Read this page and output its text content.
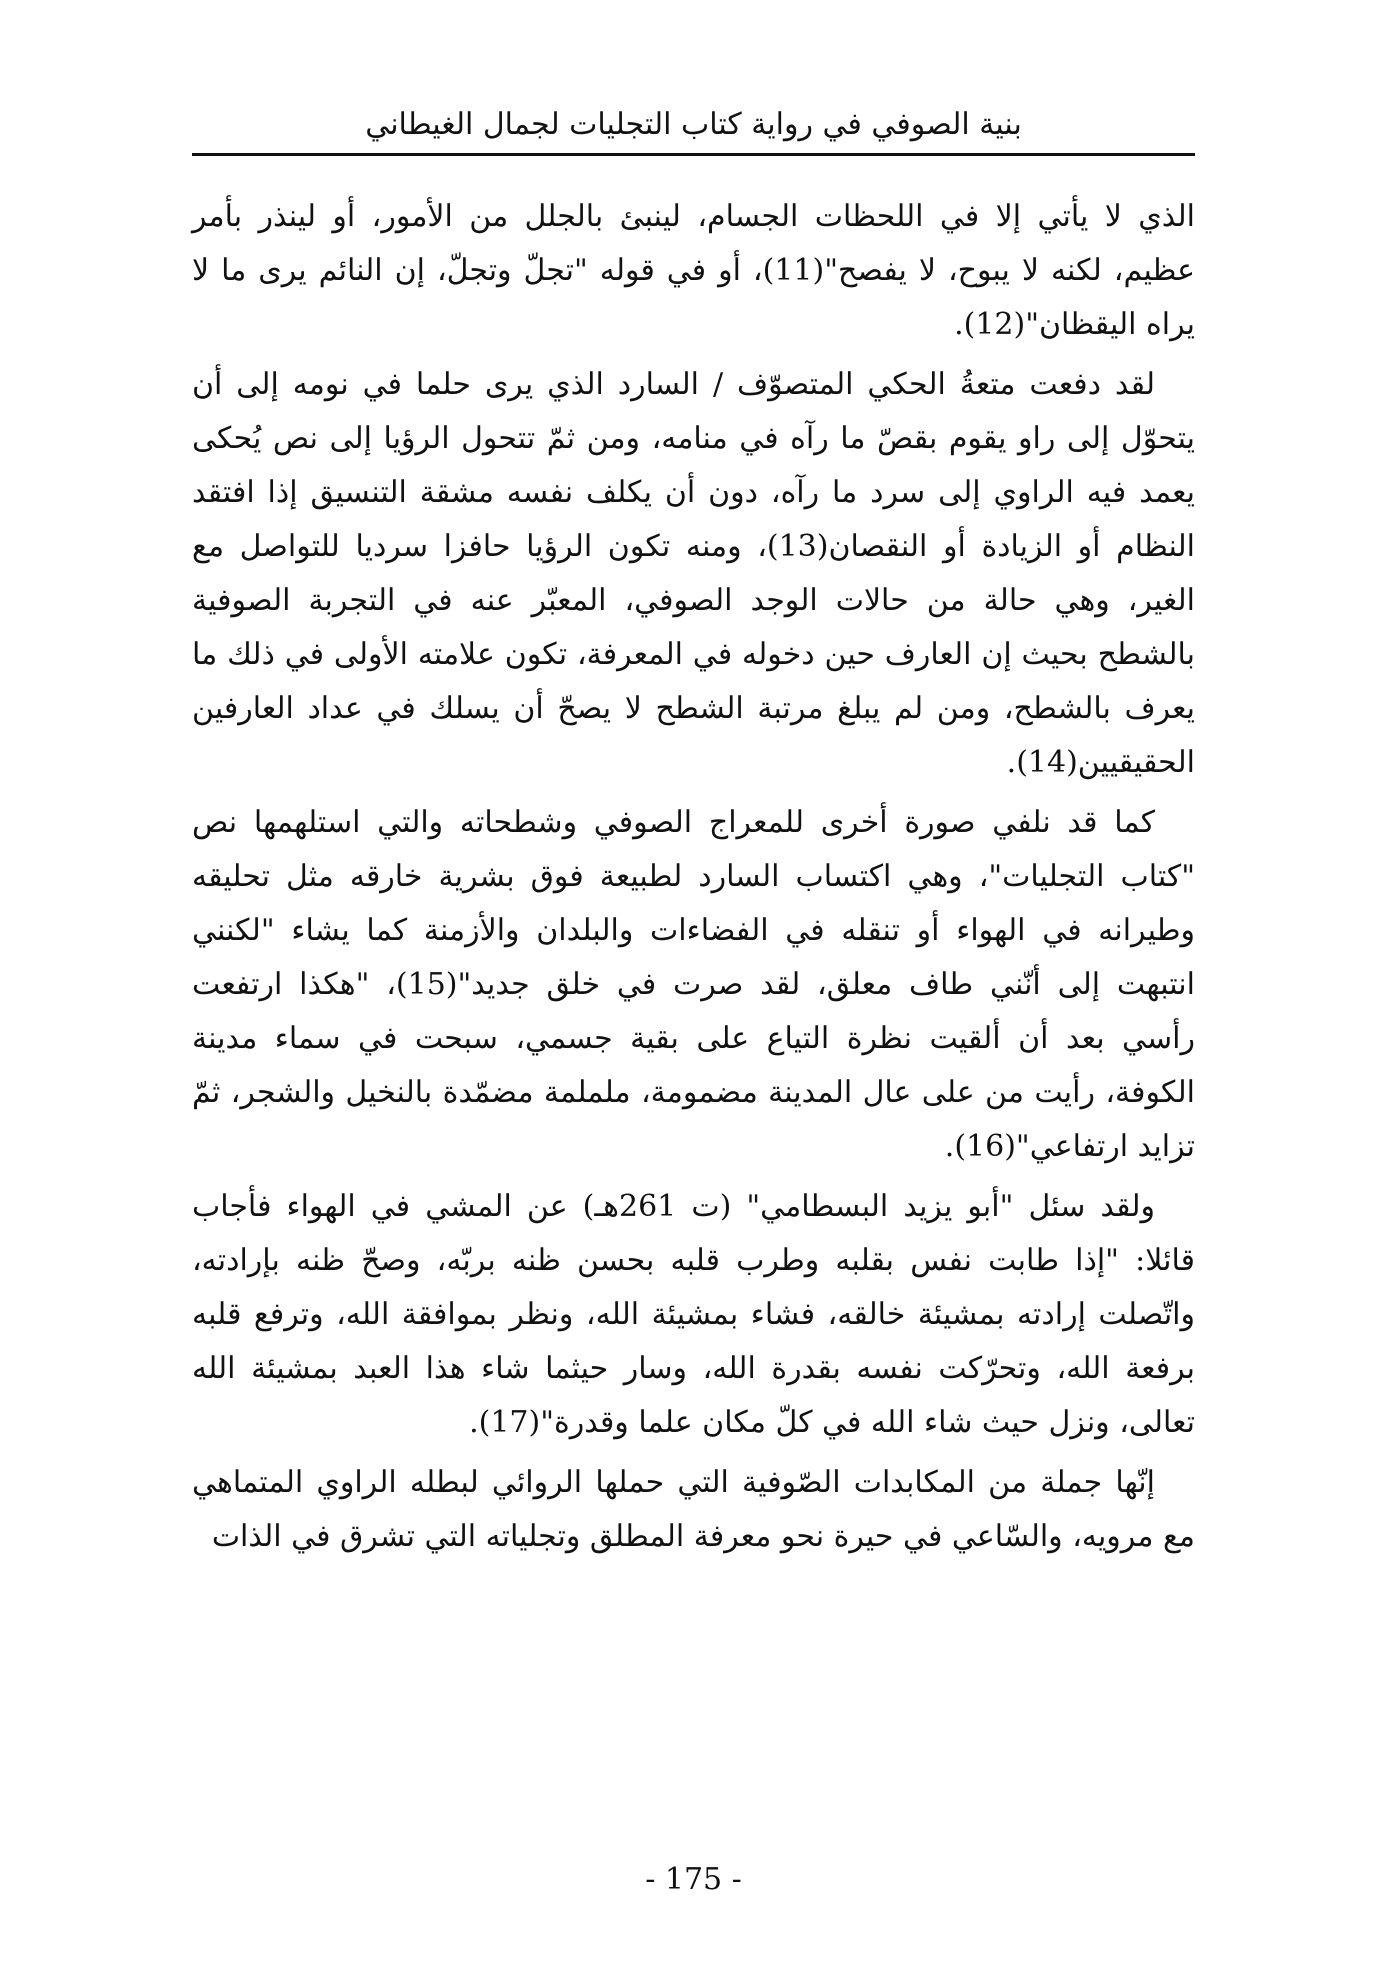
بنية الصوفي في رواية كتاب التجليات لجمال الغيطاني

الذي لا يأتي إلا في اللحظات الجسام، لينبئ بالجلل من الأمور، أو لينذر بأمر عظيم، لكنه لا يبوح، لا يفصح"(11)، أو في قوله "تجلّ وتجلّ، إن النائم يرى ما لا يراه اليقظان"(12).

لقد دفعت متعةُ الحكي المتصوّف / السارد الذي يرى حلما في نومه إلى أن يتحوّل إلى راو يقوم بقصّ ما رآه في منامه، ومن ثمّ تتحول الرؤيا إلى نص يُحكى يعمد فيه الراوي إلى سرد ما رآه، دون أن يكلف نفسه مشقة التنسيق إذا افتقد النظام أو الزيادة أو النقصان(13)، ومنه تكون الرؤيا حافزا سرديا للتواصل مع الغير، وهي حالة من حالات الوجد الصوفي، المعبّر عنه في التجربة الصوفية بالشطح بحيث إن العارف حين دخوله في المعرفة، تكون علامته الأولى في ذلك ما يعرف بالشطح، ومن لم يبلغ مرتبة الشطح لا يصحّ أن يسلك في عداد العارفين الحقيقيين(14).

كما قد نلفي صورة أخرى للمعراج الصوفي وشطحاته والتي استلهمها نص "كتاب التجليات"، وهي اكتساب السارد لطبيعة فوق بشرية خارقه مثل تحليقه وطيرانه في الهواء أو تنقله في الفضاءات والبلدان والأزمنة كما يشاء "لكنني انتبهت إلى أنّني طاف معلق، لقد صرت في خلق جديد"(15)، "هكذا ارتفعت رأسي بعد أن ألقيت نظرة التياع على بقية جسمي، سبحت في سماء مدينة الكوفة، رأيت من على عال المدينة مضمومة، ململمة مضمّدة بالنخيل والشجر، ثمّ تزايد ارتفاعي"(16).

ولقد سئل "أبو يزيد البسطامي" (ت 261هـ) عن المشي في الهواء فأجاب قائلا: "إذا طابت نفس بقلبه وطرب قلبه بحسن ظنه بربّه، وصحّ ظنه بإرادته، واتّصلت إرادته بمشيئة خالقه، فشاء بمشيئة الله، ونظر بموافقة الله، وترفع قلبه برفعة الله، وتحرّكت نفسه بقدرة الله، وسار حيثما شاء هذا العبد بمشيئة الله تعالى، ونزل حيث شاء الله في كلّ مكان علما وقدرة"(17).

إنّها جملة من المكابدات الصّوفية التي حملها الروائي لبطله الراوي المتماهي مع مرويه، والسّاعي في حيرة نحو معرفة المطلق وتجلياته التي تشرق في الذات

- 175 -
